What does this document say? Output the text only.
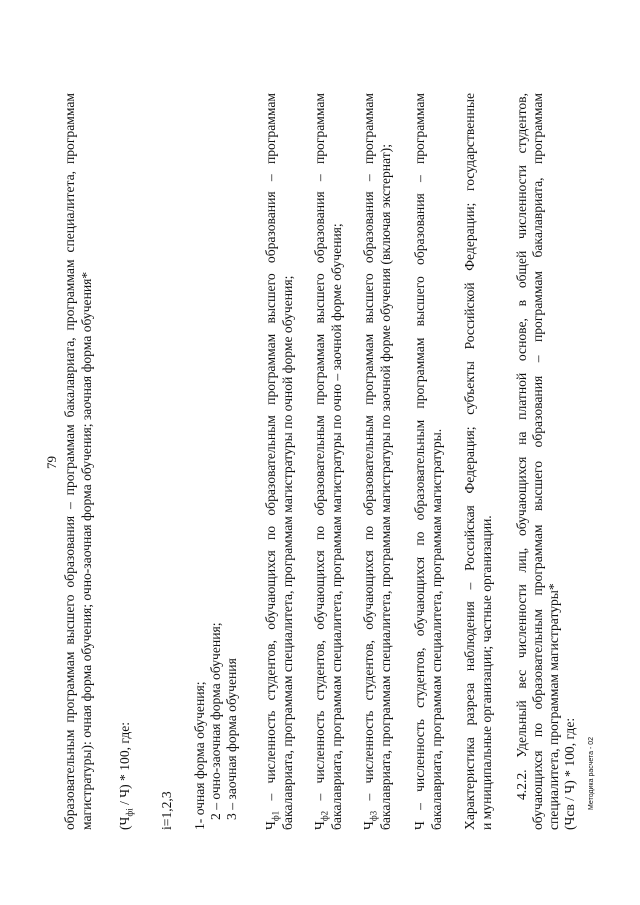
79 образовательным программам высшего образования – программам бакалавриата, программам специалитета, программам магистратуры): очная форма обучения; очно-заочная форма обучения; заочная форма обучения* $(Ч_{фi} / Ч) * 100$, где:

i=1,2,3 1- очная форма обучения; 2 – очно-заочная форма обучения; 3 – заочная форма обучения

$Ч_{ф1}$ – численность студентов, обучающихся по образовательным программам высшего образования – программам бакалавриата, программам специалитета, программам магистратуры по очной форме обучения; $Ч_{ф2}$ – численность студентов, обучающихся по образовательным программам высшего образования – программам бакалавриата, программам специалитета, программам магистратуры по очно – заочной форме обучения; $Ч_{ф3}$ – численность студентов, обучающихся по образовательным программам высшего образования – программам бакалавриата, программам специалитета, программам магистратуры по заочной форме обучения (включая экстернат); Ч – численность студентов, обучающихся по образовательным программам высшего образования – программам бакалавриата, программам специалитета, программам магистратуры. Характеристика разреза наблюдения – Российская Федерация; субъекты Российской Федерации; государственные и муниципальные организации; частные организации. 4.2.2. Удельный вес численности лиц, обучающихся на платной основе, в общей численности студентов, обучающихся по образовательным программам высшего образования – программам бакалавриата, программам специалитета, программам магистратуры* (Чсв / Ч) * 100, где: Методика расчета - 02
